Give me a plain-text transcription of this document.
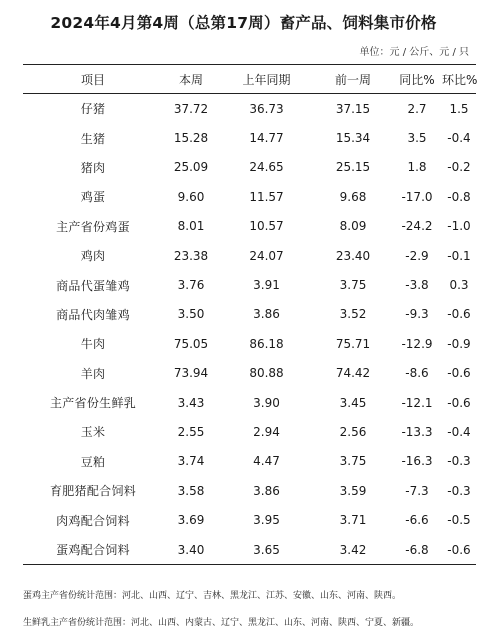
2024年4月第4周（总第17周）畜产品、饲料集市价格
单位：元 / 公斤、元 / 只
项目	本周	上年同期	前一周	同比%	环比%
仔猪	37.72	36.73	37.15	2.7	1.5
生猪	15.28	14.77	15.34	3.5	-0.4
猪肉	25.09	24.65	25.15	1.8	-0.2
鸡蛋	9.60	11.57	9.68	-17.0	-0.8
主产省份鸡蛋	8.01	10.57	8.09	-24.2	-1.0
鸡肉	23.38	24.07	23.40	-2.9	-0.1
商品代蛋雏鸡	3.76	3.91	3.75	-3.8	0.3
商品代肉雏鸡	3.50	3.86	3.52	-9.3	-0.6
牛肉	75.05	86.18	75.71	-12.9	-0.9
羊肉	73.94	80.88	74.42	-8.6	-0.6
主产省份生鲜乳	3.43	3.90	3.45	-12.1	-0.6
玉米	2.55	2.94	2.56	-13.3	-0.4
豆粕	3.74	4.47	3.75	-16.3	-0.3
育肥猪配合饲料	3.58	3.86	3.59	-7.3	-0.3
肉鸡配合饲料	3.69	3.95	3.71	-6.6	-0.5
蛋鸡配合饲料	3.40	3.65	3.42	-6.8	-0.6
蛋鸡主产省份统计范围：河北、山西、辽宁、吉林、黑龙江、江苏、安徽、山东、河南、陕西。
生鲜乳主产省份统计范围：河北、山西、内蒙古、辽宁、黑龙江、山东、河南、陕西、宁夏、新疆。
